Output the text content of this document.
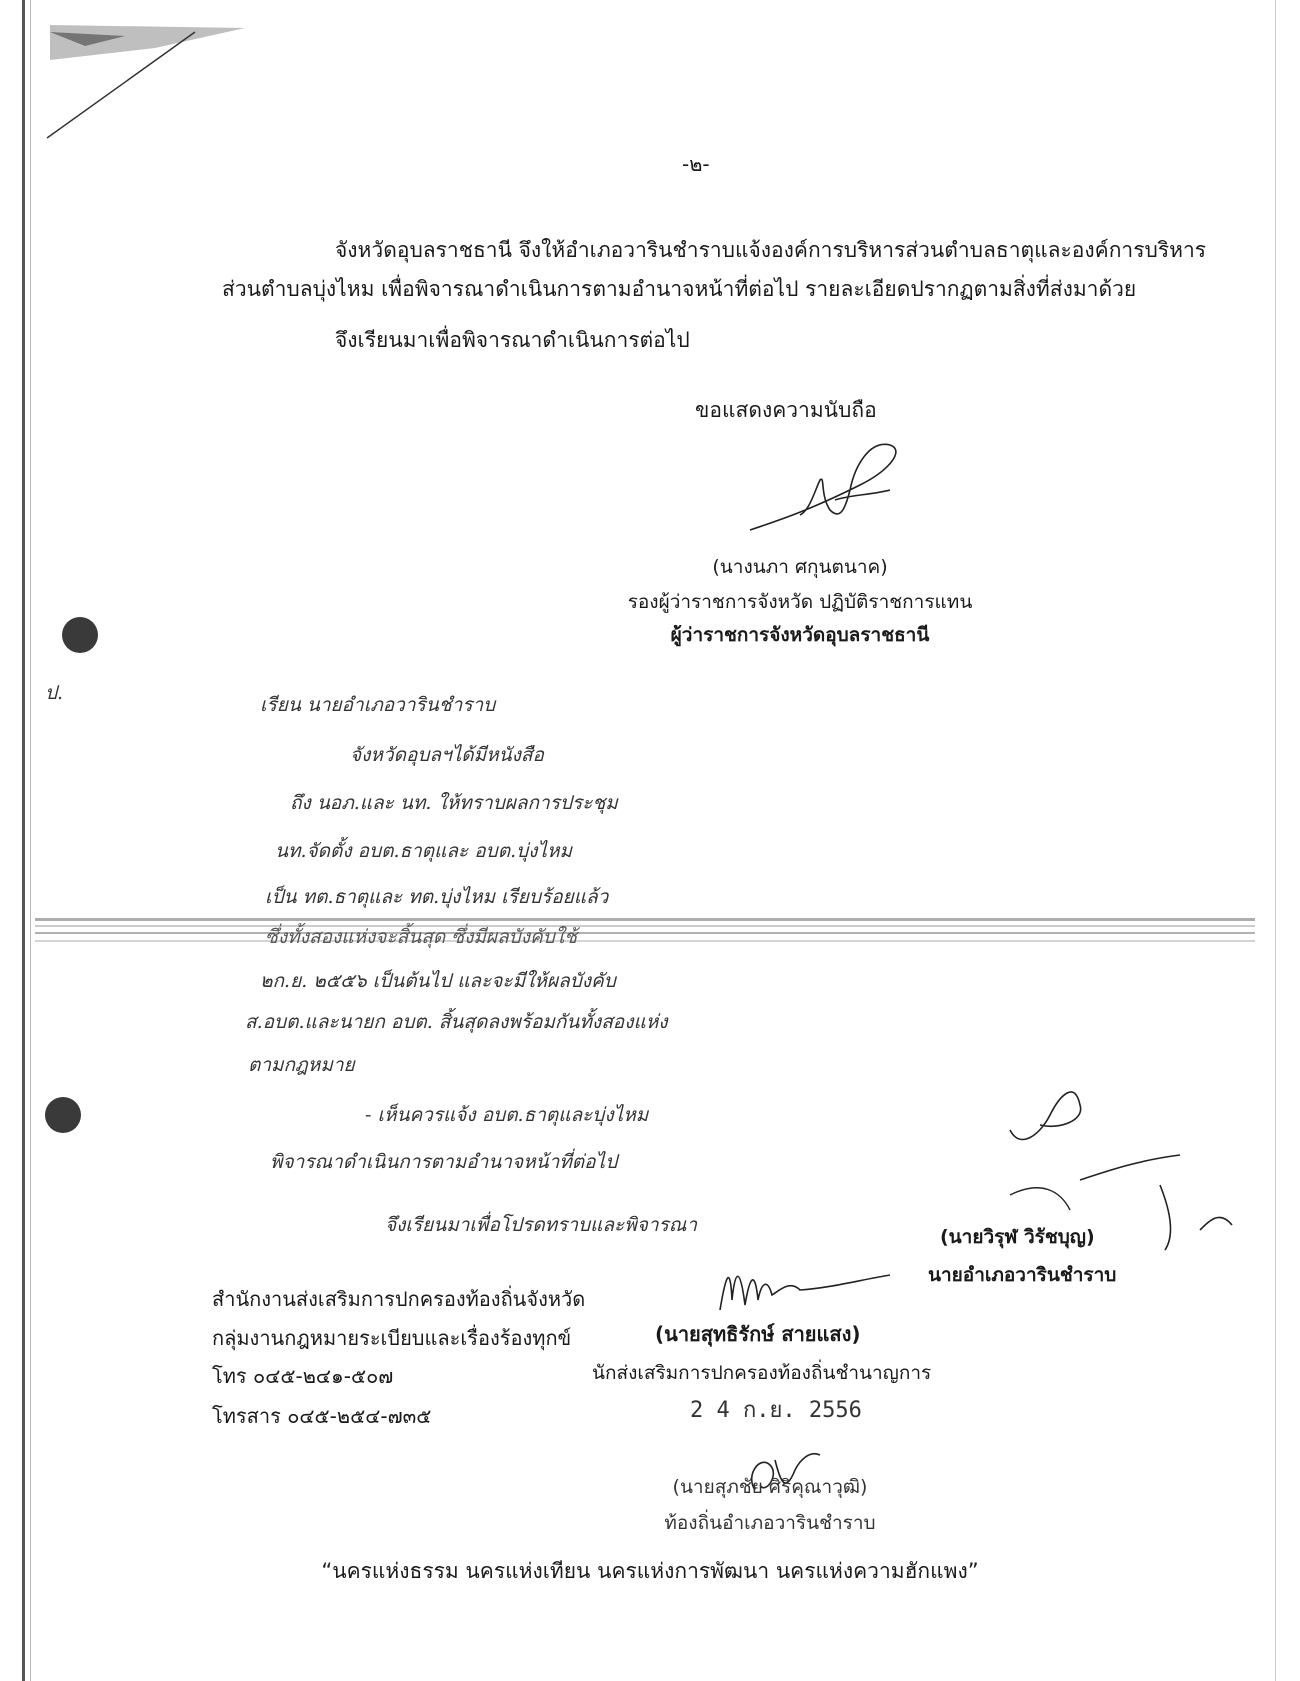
-๒-
จังหวัดอุบลราชธานี จึงให้อำเภอวารินชำราบแจ้งองค์การบริหารส่วนตำบลธาตุและองค์การบริหาร
ส่วนตำบลบุ่งไหม เพื่อพิจารณาดำเนินการตามอำนาจหน้าที่ต่อไป รายละเอียดปรากฏตามสิ่งที่ส่งมาด้วย
จึงเรียนมาเพื่อพิจารณาดำเนินการต่อไป
ขอแสดงความนับถือ
(นางนภา ศกุนตนาค)
รองผู้ว่าราชการจังหวัด ปฏิบัติราชการแทน
ผู้ว่าราชการจังหวัดอุบลราชธานี
ป.
เรียน นายอำเภอวารินชำราบ
จังหวัดอุบลฯได้มีหนังสือ
ถึง นอภ.และ นท. ให้ทราบผลการประชุม
นท.จัดตั้ง อบต.ธาตุและ อบต.บุ่งไหม
เป็น ทต.ธาตุและ ทต.บุ่งไหม เรียบร้อยแล้ว
ซึ่งทั้งสองแห่งจะสิ้นสุด ซึ่งมีผลบังคับใช้
๒ก.ย. ๒๕๕๖ เป็นต้นไป และจะมีให้ผลบังคับ
ส.อบต.และนายก อบต. สิ้นสุดลงพร้อมกันทั้งสองแห่ง
ตามกฎหมาย
- เห็นควรแจ้ง อบต.ธาตุและบุ่งไหม
พิจารณาดำเนินการตามอำนาจหน้าที่ต่อไป
จึงเรียนมาเพื่อโปรดทราบและพิจารณา
(นายวิรุฬ วิรัชบุญ)
นายอำเภอวารินชำราบ
สำนักงานส่งเสริมการปกครองท้องถิ่นจังหวัด
กลุ่มงานกฎหมายระเบียบและเรื่องร้องทุกข์
โทร ๐๔๕-๒๔๑-๕๐๗
โทรสาร ๐๔๕-๒๕๔-๗๓๕
(นายสุทธิรักษ์ สายแสง)
นักส่งเสริมการปกครองท้องถิ่นชำนาญการ
2 4 ก.ย. 2556
(นายสุภชัย ศิริคุณาวุฒิ)
ท้องถิ่นอำเภอวารินชำราบ
“นครแห่งธรรม นครแห่งเทียน นครแห่งการพัฒนา นครแห่งความฮักแพง”
